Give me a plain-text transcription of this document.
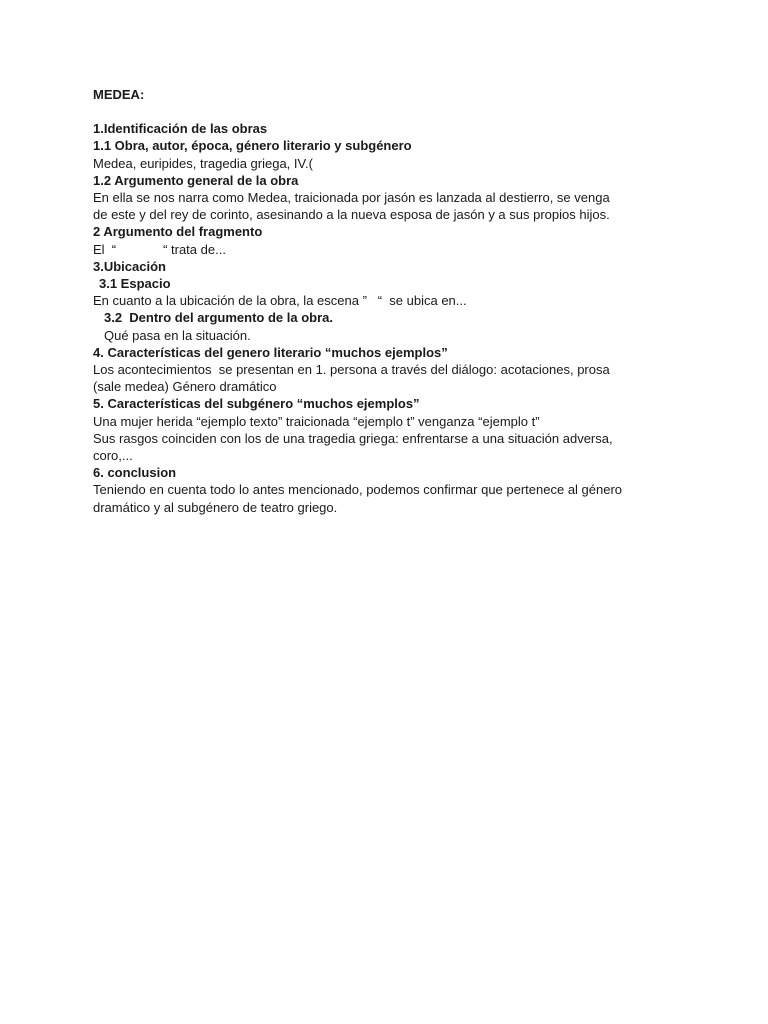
MEDEA:

1.Identificación de las obras

1.1 Obra, autor, época, género literario y subgénero

Medea, euripides, tragedia griega, IV.(

1.2 Argumento general de la obra

En ella se nos narra como Medea, traicionada por jasón es lanzada al destierro, se venga

de este y del rey de corinto, asesinando a la nueva esposa de jasón y a sus propios hijos.

2 Argumento del fragmento

El  “             “ trata de...

3.Ubicación

3.1 Espacio

En cuanto a la ubicación de la obra, la escena ”   “  se ubica en...

3.2  Dentro del argumento de la obra.

Qué pasa en la situación.

4. Características del genero literario “muchos ejemplos”

Los acontecimientos  se presentan en 1. persona a través del diálogo: acotaciones, prosa

(sale medea) Género dramático

5. Características del subgénero “muchos ejemplos”

Una mujer herida “ejemplo texto” traicionada “ejemplo t” venganza “ejemplo t”

Sus rasgos coinciden con los de una tragedia griega: enfrentarse a una situación adversa,

coro,...

6. conclusion

Teniendo en cuenta todo lo antes mencionado, podemos confirmar que pertenece al género

dramático y al subgénero de teatro griego.
